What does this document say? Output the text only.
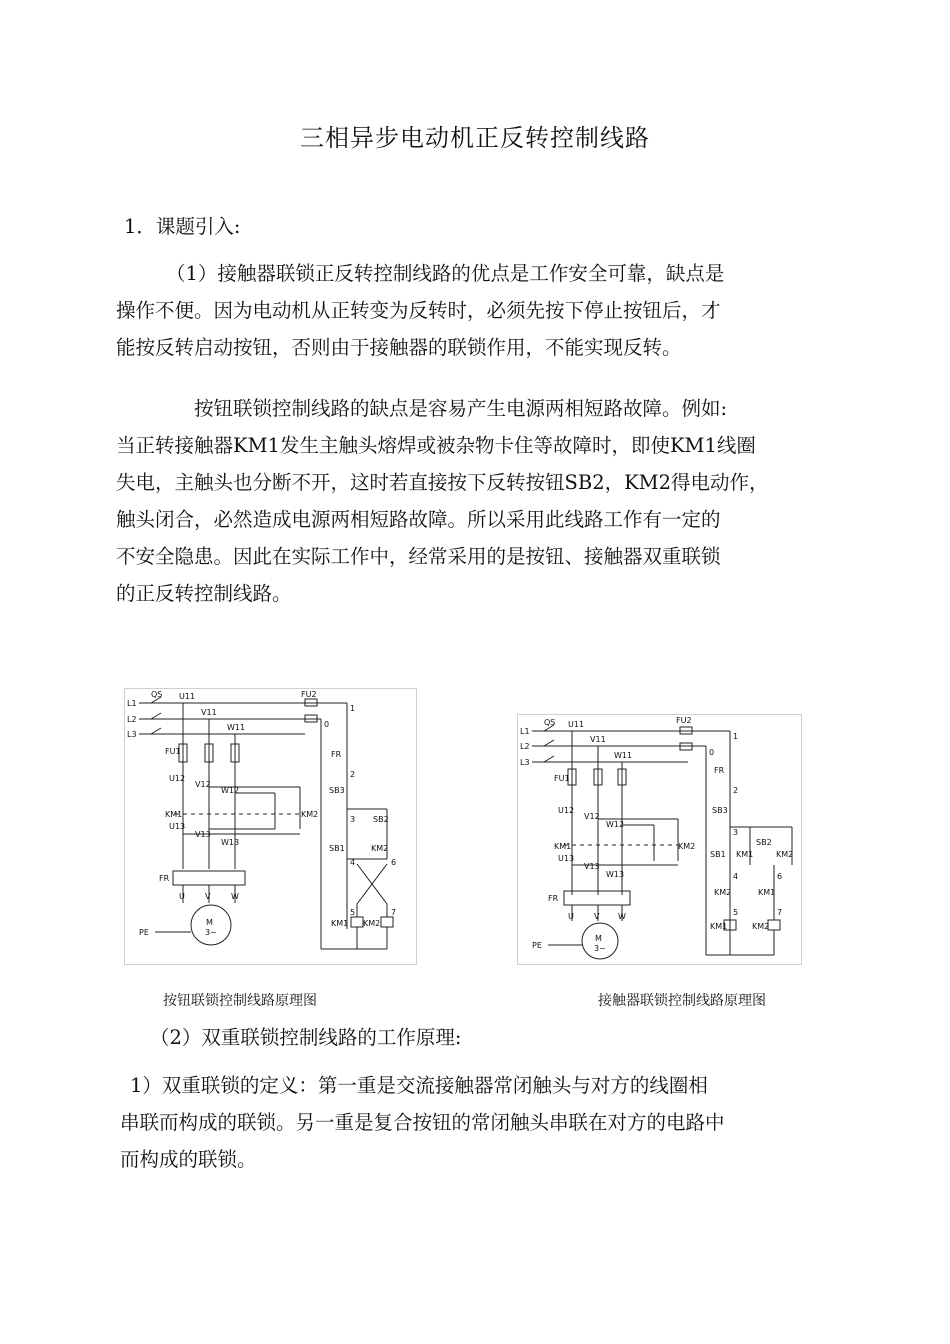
三相异步电动机正反转控制线路
1．课题引入:
（1）接触器联锁正反转控制线路的优点是工作安全可靠，缺点是
操作不便。因为电动机从正转变为反转时，必须先按下停止按钮后，才
能按反转启动按钮，否则由于接触器的联锁作用，不能实现反转。
按钮联锁控制线路的缺点是容易产生电源两相短路故障。例如:
当正转接触器KM1发生主触头熔焊或被杂物卡住等故障时，即使KM1线圈
失电，主触头也分断不开，这时若直接按下反转按钮SB2，KM2得电动作，
触头闭合，必然造成电源两相短路故障。所以采用此线路工作有一定的
不安全隐患。因此在实际工作中，经常采用的是按钮、接触器双重联锁
的正反转控制线路。
L1
L2
L3
QS U11
V11
W11
FU2
FU1
U12
V12
W12
KM1	KM2
U13
V13
W13
FR
U	V	W
PE
M
3~
1
0
FR
2
SB3
3 SB2
SB1	KM2
4	6
5	7
KM1 KM2
L1
L2
L3
QS U11
V11
W11
FU2
FU1
U12
V12
W12
KM1	KM2
U13
V13
W13
FR
U	V W
PE
M
3~
1
0
FR
2
SB3
3
SB2
SB1 KM1	KM2
4	6
KM2	KM1
5	7
KM1	KM2
按钮联锁控制线路原理图	接触器联锁控制线路原理图
（2）双重联锁控制线路的工作原理:
1）双重联锁的定义：第一重是交流接触器常闭触头与对方的线圈相
串联而构成的联锁。另一重是复合按钮的常闭触头串联在对方的电路中
而构成的联锁。
